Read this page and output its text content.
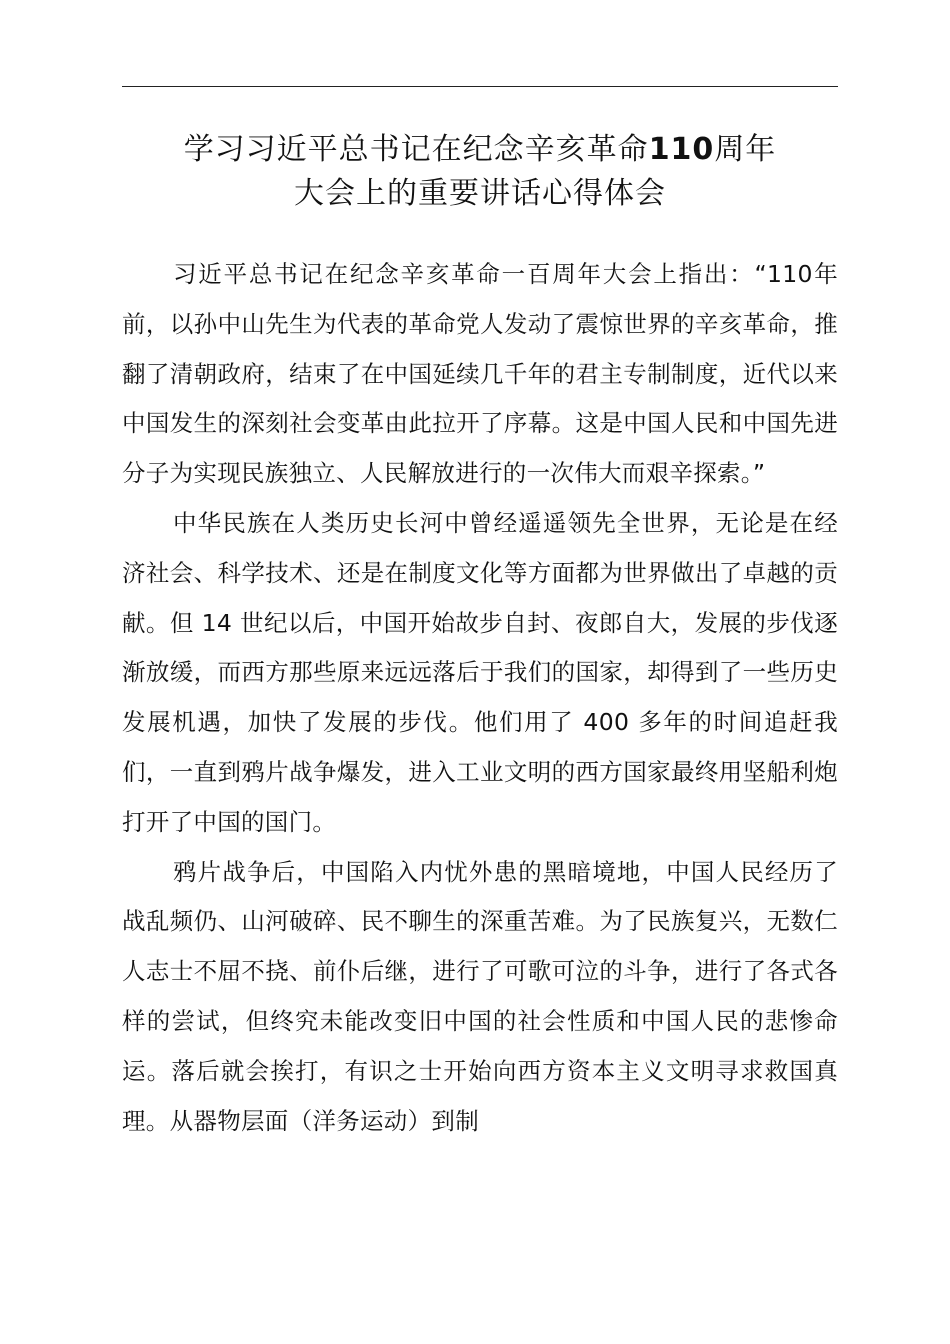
学习习近平总书记在纪念辛亥革命110周年
大会上的重要讲话心得体会

习近平总书记在纪念辛亥革命一百周年大会上指出：“110年前，以孙中山先生为代表的革命党人发动了震惊世界的辛亥革命，推翻了清朝政府，结束了在中国延续几千年的君主专制制度，近代以来中国发生的深刻社会变革由此拉开了序幕。这是中国人民和中国先进分子为实现民族独立、人民解放进行的一次伟大而艰辛探索。”

中华民族在人类历史长河中曾经遥遥领先全世界，无论是在经济社会、科学技术、还是在制度文化等方面都为世界做出了卓越的贡献。但 14 世纪以后，中国开始故步自封、夜郎自大，发展的步伐逐渐放缓，而西方那些原来远远落后于我们的国家，却得到了一些历史发展机遇，加快了发展的步伐。他们用了 400 多年的时间追赶我们，一直到鸦片战争爆发，进入工业文明的西方国家最终用坚船利炮打开了中国的国门。

鸦片战争后，中国陷入内忧外患的黑暗境地，中国人民经历了战乱频仍、山河破碎、民不聊生的深重苦难。为了民族复兴，无数仁人志士不屈不挠、前仆后继，进行了可歌可泣的斗争，进行了各式各样的尝试，但终究未能改变旧中国的社会性质和中国人民的悲惨命运。落后就会挨打，有识之士开始向西方资本主义文明寻求救国真理。从器物层面（洋务运动）到制
